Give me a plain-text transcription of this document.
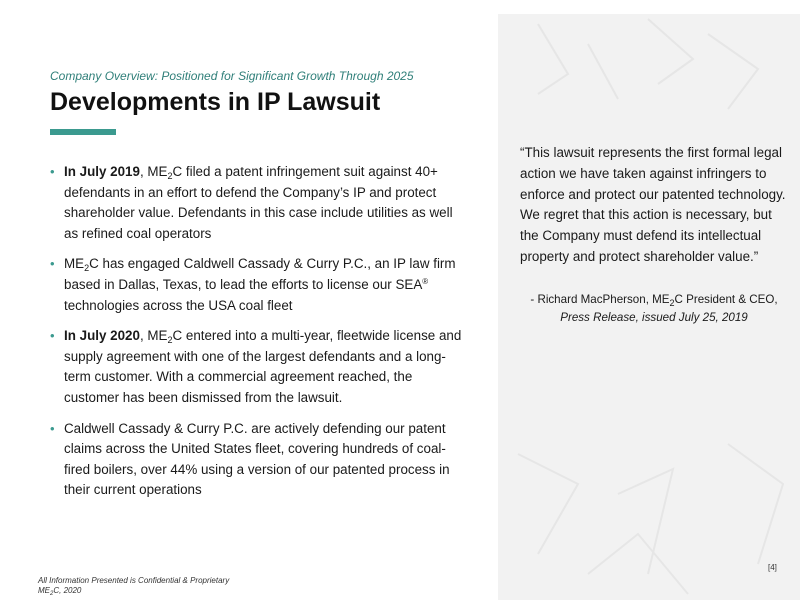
Company Overview: Positioned for Significant Growth Through 2025
Developments in IP Lawsuit
• In July 2019, $ME_2C$ filed a patent infringement suit against 40+ defendants in an effort to defend the Company’s IP and protect shareholder value. Defendants in this case include utilities as well as refined coal operators
• $ME_2C$ has engaged Caldwell Cassady & Curry P.C., an IP law firm based in Dallas, Texas, to lead the efforts to license our SEA® technologies across the USA coal fleet
• In July 2020, $ME_2C$ entered into a multi-year, fleetwide license and supply agreement with one of the largest defendants and a long-term customer. With a commercial agreement reached, the customer has been dismissed from the lawsuit.
• Caldwell Cassady & Curry P.C. are actively defending our patent claims across the United States fleet, covering hundreds of coal-fired boilers, over 44% using a version of our patented process in their current operations

“This lawsuit represents the first formal legal action we have taken against infringers to enforce and protect our patented technology. We regret that this action is necessary, but the Company must defend its intellectual property and protect shareholder value.”

- Richard MacPherson, $ME_2C$ President & CEO,
Press Release, issued July 25, 2019
[4]
All Information Presented is Confidential & Proprietary
$ME_2C$, 2020
